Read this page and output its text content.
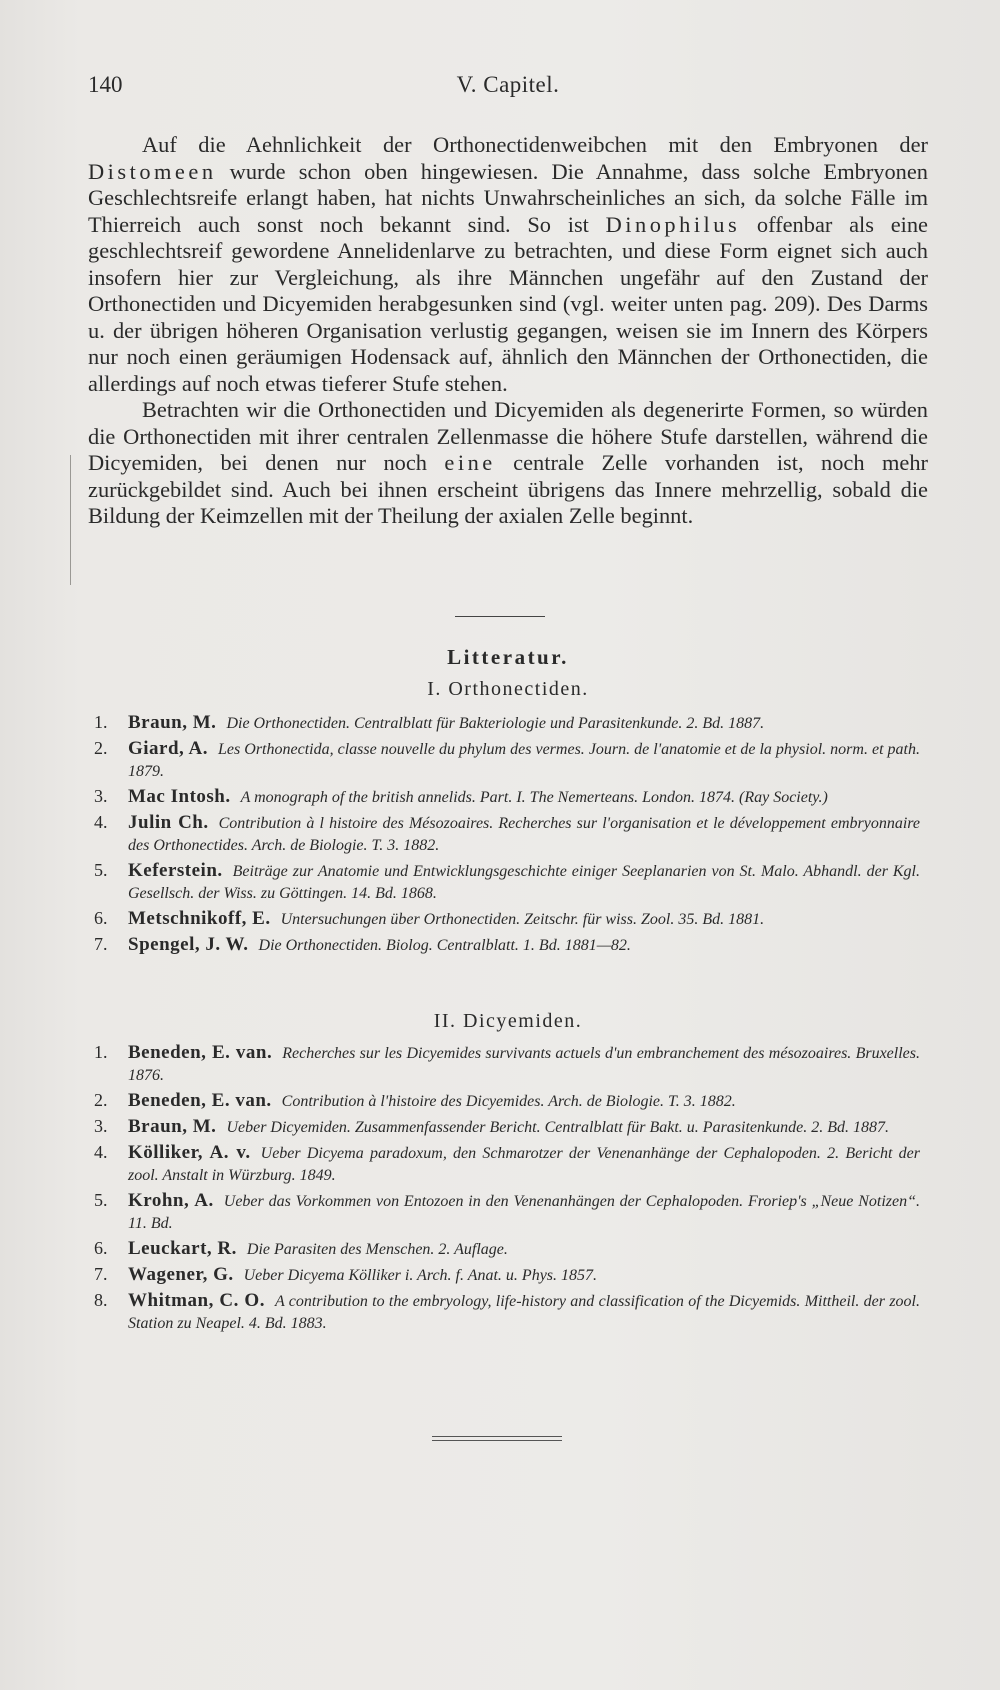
140	V. Capitel.

Auf die Aehnlichkeit der Orthonectidenweibchen mit den Embryonen der Distomeen wurde schon oben hingewiesen. Die Annahme, dass solche Embryonen Geschlechtsreife erlangt haben, hat nichts Unwahrscheinliches an sich, da solche Fälle im Thierreich auch sonst noch bekannt sind. So ist Dinophilus offenbar als eine geschlechtsreif gewordene Annelidenlarve zu betrachten, und diese Form eignet sich auch insofern hier zur Vergleichung, als ihre Männchen ungefähr auf den Zustand der Orthonectiden und Dicyemiden herabgesunken sind (vgl. weiter unten pag. 209). Des Darms u. der übrigen höheren Organisation verlustig gegangen, weisen sie im Innern des Körpers nur noch einen geräumigen Hodensack auf, ähnlich den Männchen der Orthonectiden, die allerdings auf noch etwas tieferer Stufe stehen.

Betrachten wir die Orthonectiden und Dicyemiden als degenerirte Formen, so würden die Orthonectiden mit ihrer centralen Zellenmasse die höhere Stufe darstellen, während die Dicyemiden, bei denen nur noch eine centrale Zelle vorhanden ist, noch mehr zurückgebildet sind. Auch bei ihnen erscheint übrigens das Innere mehrzellig, sobald die Bildung der Keimzellen mit der Theilung der axialen Zelle beginnt.

Litteratur.
I. Orthonectiden.
1. Braun, M. Die Orthonectiden. Centralblatt für Bakteriologie und Parasitenkunde. 2. Bd. 1887.
2. Giard, A. Les Orthonectida, classe nouvelle du phylum des vermes. Journ. de l'anatomie et de la physiol. norm. et path. 1879.
3. Mac Intosh. A monograph of the british annelids. Part. I. The Nemerteans. London. 1874. (Ray Society.)
4. Julin Ch. Contribution à l histoire des Mésozoaires. Recherches sur l'organisation et le développement embryonnaire des Orthonectides. Arch. de Biologie. T. 3. 1882.
5. Keferstein. Beiträge zur Anatomie und Entwicklungsgeschichte einiger Seeplanarien von St. Malo. Abhandl. der Kgl. Gesellsch. der Wiss. zu Göttingen. 14. Bd. 1868.
6. Metschnikoff, E. Untersuchungen über Orthonectiden. Zeitschr. für wiss. Zool. 35. Bd. 1881.
7. Spengel, J. W. Die Orthonectiden. Biolog. Centralblatt. 1. Bd. 1881—82.
II. Dicyemiden.
1. Beneden, E. van. Recherches sur les Dicyemides survivants actuels d'un embranchement des mésozoaires. Bruxelles. 1876.
2. Beneden, E. van. Contribution à l'histoire des Dicyemides. Arch. de Biologie. T. 3. 1882.
3. Braun, M. Ueber Dicyemiden. Zusammenfassender Bericht. Centralblatt für Bakt. u. Parasitenkunde. 2. Bd. 1887.
4. Kölliker, A. v. Ueber Dicyema paradoxum, den Schmarotzer der Venenanhänge der Cephalopoden. 2. Bericht der zool. Anstalt in Würzburg. 1849.
5. Krohn, A. Ueber das Vorkommen von Entozoen in den Venenanhängen der Cephalopoden. Froriep's „Neue Notizen“. 11. Bd.
6. Leuckart, R. Die Parasiten des Menschen. 2. Auflage.
7. Wagener, G. Ueber Dicyema Kölliker i. Arch. f. Anat. u. Phys. 1857.
8. Whitman, C. O. A contribution to the embryology, life-history and classification of the Dicyemids. Mittheil. der zool. Station zu Neapel. 4. Bd. 1883.
